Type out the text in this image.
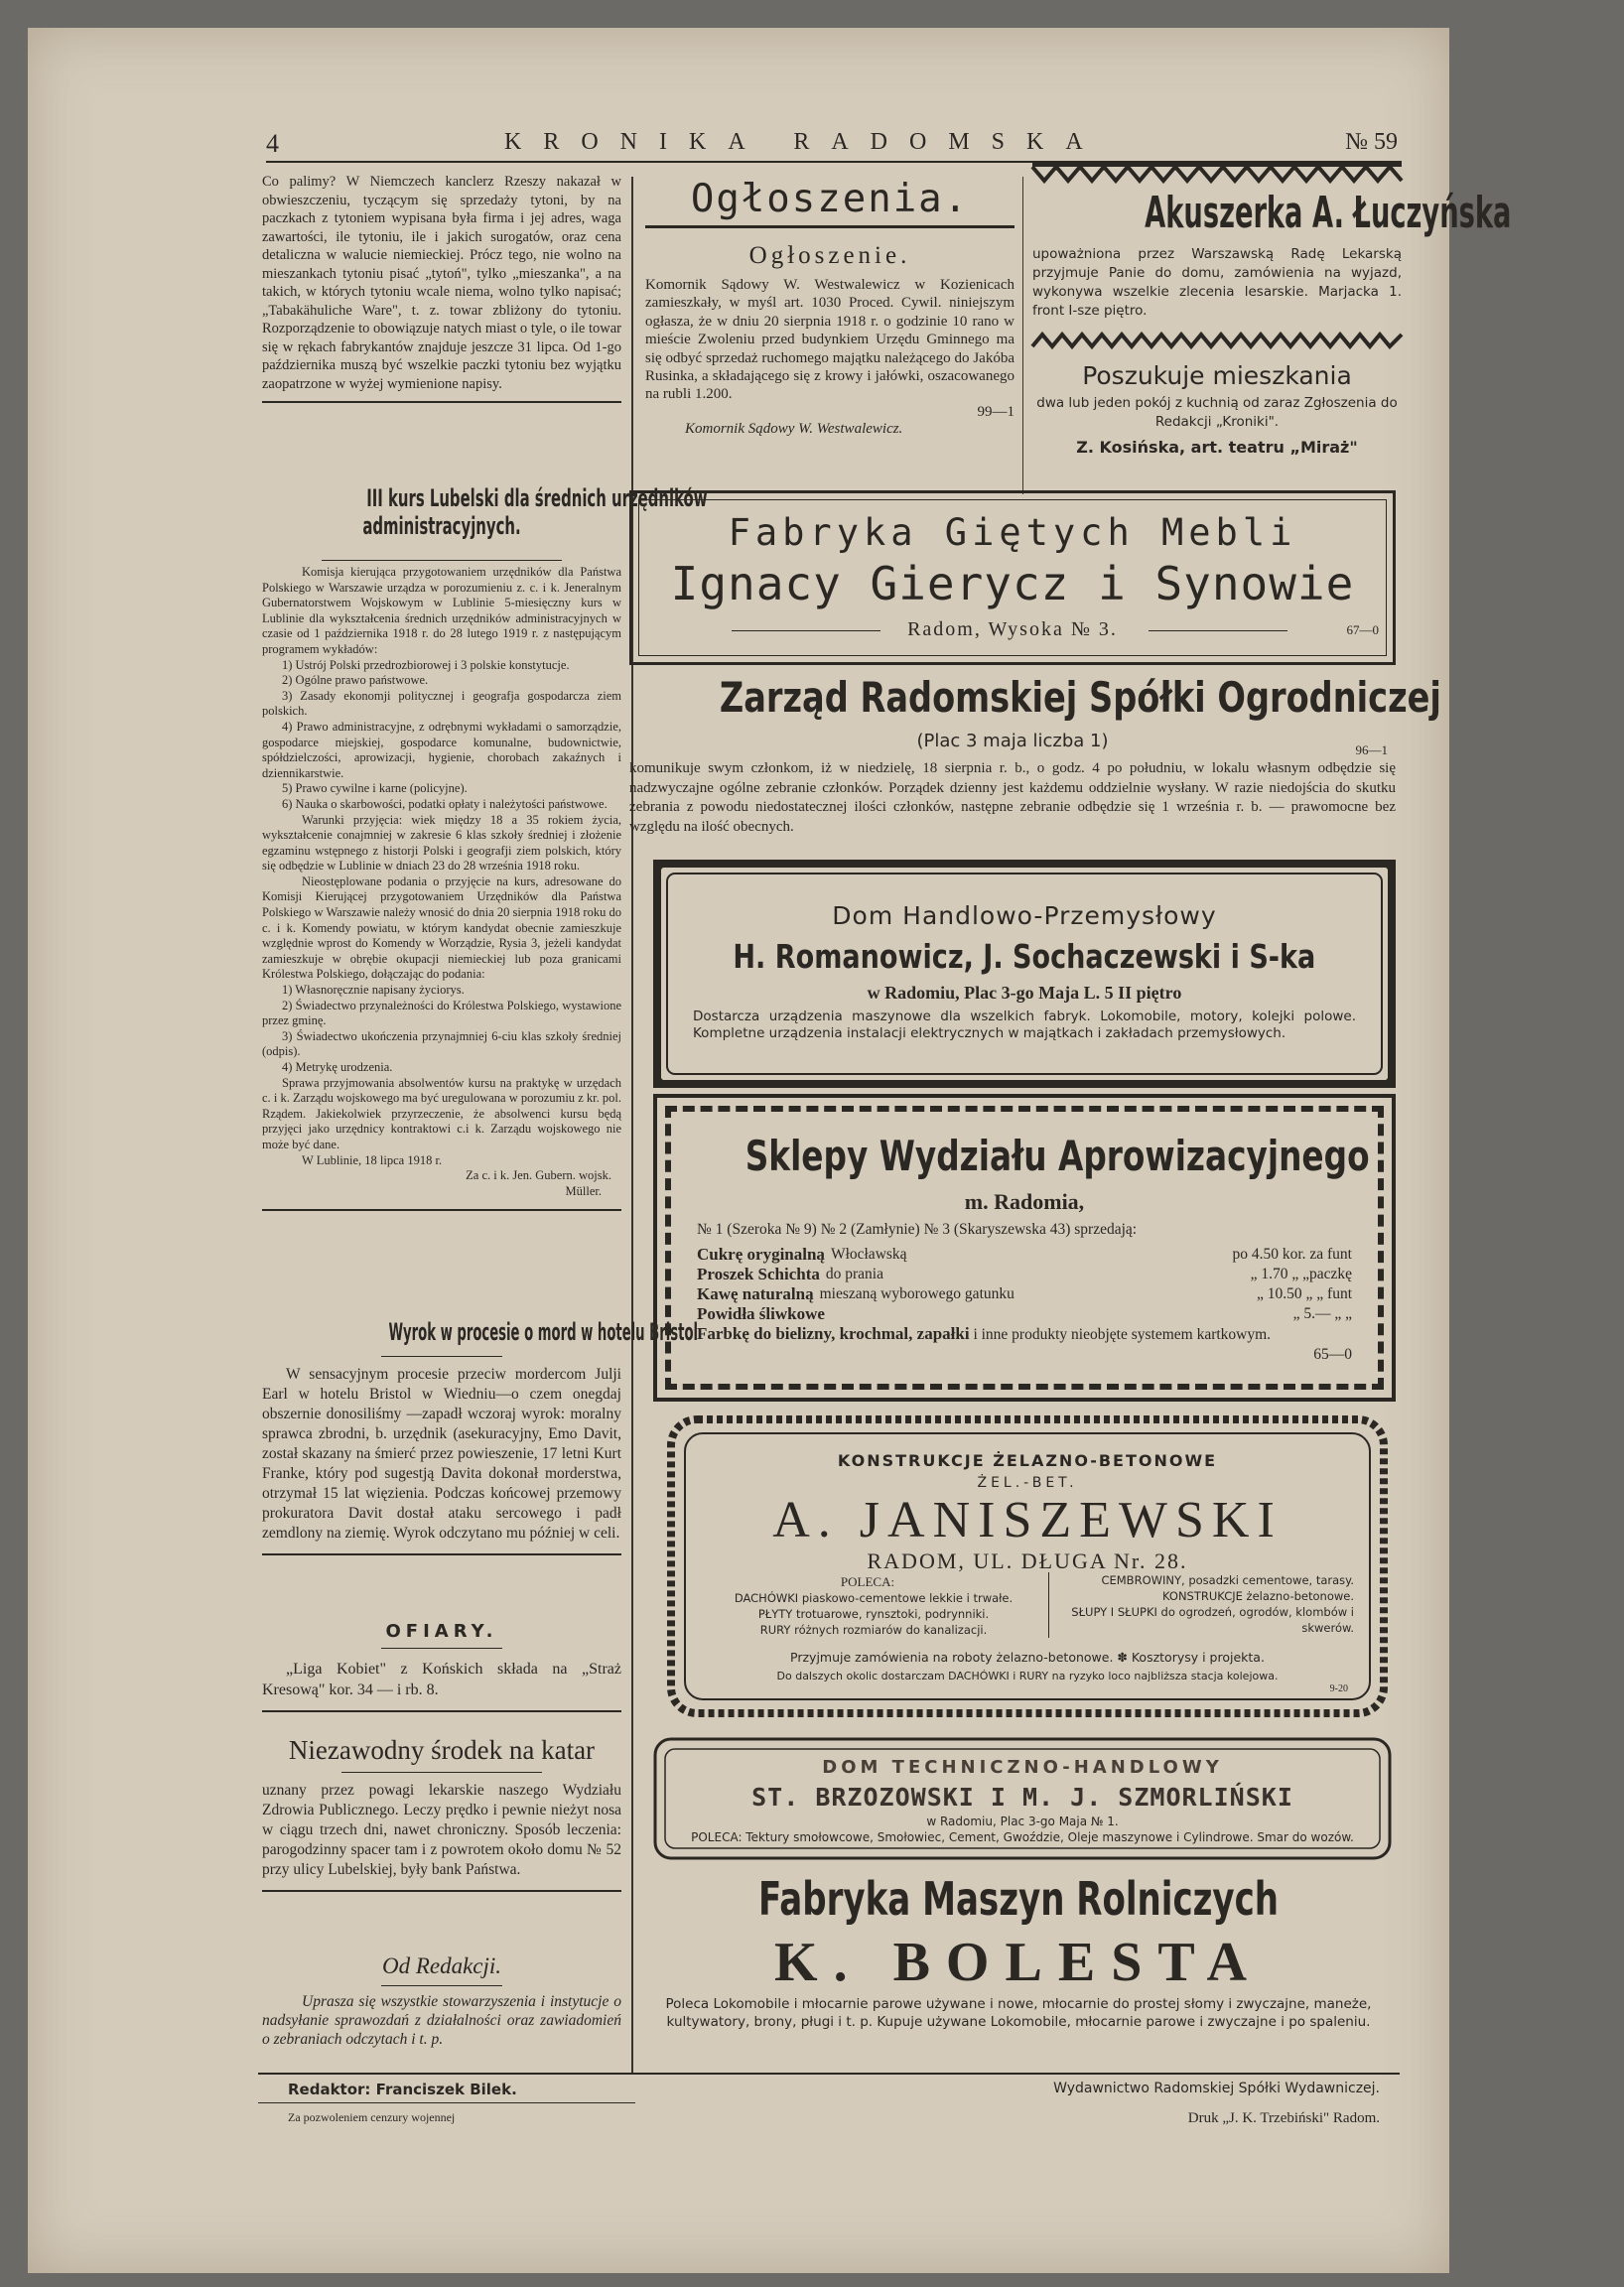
4	KRONIKA RADOMSKA	№ 59

Co palimy? W Niemczech kanclerz Rzeszy nakazał w obwieszczeniu, tyczącym się sprzedaży tytoni, by na paczkach z tytoniem wypisana była firma i jej adres, waga zawartości, ile tytoniu, ile i jakich surogatów, oraz cena detaliczna w walucie niemieckiej. Prócz tego, nie wolno na mieszankach tytoniu pisać „tytoń", tylko „mieszanka", a na takich, w których tytoniu wcale niema, wolno tylko napisać; „Tabakähuliche Ware", t. z. towar zbliżony do tytoniu. Rozporządzenie to obowiązuje natych miast o tyle, o ile towar się w rękach fabrykantów znajduje jeszcze 31 lipca. Od 1-go października muszą być wszelkie paczki tytoniu bez wyjątku zaopatrzone w wyżej wymienione napisy.

III kurs Lubelski dla średnich urzędników
administracyjnych.

Komisja kierująca przygotowaniem urzędników dla Państwa Polskiego w Warszawie urządza w porozumieniu z. c. i k. Jeneralnym Gubernatorstwem Wojskowym w Lublinie 5-miesięczny kurs w Lublinie dla wykształcenia średnich urzędników administracyjnych w czasie od 1 października 1918 r. do 28 lutego 1919 r. z następującym programem wykładów:

1) Ustrój Polski przedrozbiorowej i 3 polskie konstytucje.

2) Ogólne prawo państwowe.

3) Zasady ekonomji politycznej i geografja gospodarcza ziem polskich.

4) Prawo administracyjne, z odrębnymi wykładami o samorządzie, gospodarce miejskiej, gospodarce komunalne, budownictwie, spółdzielczości, aprowizacji, hygienie, chorobach zakaźnych i dziennikarstwie.

5) Prawo cywilne i karne (policyjne).

6) Nauka o skarbowości, podatki opłaty i należytości państwowe.

Warunki przyjęcia: wiek między 18 a 35 rokiem życia, wykształcenie conajmniej w zakresie 6 klas szkoły średniej i złożenie egzaminu wstępnego z historji Polski i geografji ziem polskich, który się odbędzie w Lublinie w dniach 23 do 28 września 1918 roku.

Nieostęplowane podania o przyjęcie na kurs, adresowane do Komisji Kierującej przygotowaniem Urzędników dla Państwa Polskiego w Warszawie należy wnosić do dnia 20 sierpnia 1918 roku do c. i k. Komendy powiatu, w którym kandydat obecnie zamieszkuje względnie wprost do Komendy w Worządzie, Rysia 3, jeżeli kandydat zamieszkuje w obrębie okupacji niemieckiej lub poza granicami Królestwa Polskiego, dołączając do podania:

1) Własnoręcznie napisany życiorys.

2) Świadectwo przynależności do Królestwa Polskiego, wystawione przez gminę.

3) Świadectwo ukończenia przynajmniej 6-ciu klas szkoły średniej (odpis).

4) Metrykę urodzenia.

Sprawa przyjmowania absolwentów kursu na praktykę w urzędach c. i k. Zarządu wojskowego ma być uregulowana w porozumiu z kr. pol. Rządem. Jakiekolwiek przyrzeczenie, że absolwenci kursu będą przyjęci jako urzędnicy kontraktowi c.i k. Zarządu wojskowego nie może być dane.

W Lublinie, 18 lipca 1918 r.

Za c. i k. Jen. Gubern. wojsk.

Müller.

Wyrok w procesie o mord w hotelu Bristol

W sensacyjnym procesie przeciw mordercom Julji Earl w hotelu Bristol w Wiedniu—o czem onegdaj obszernie donosiliśmy —zapadł wczoraj wyrok: moralny sprawca zbrodni, b. urzędnik (asekuracyjny, Emo Davit, został skazany na śmierć przez powieszenie, 17 letni Kurt Franke, który pod sugestją Davita dokonał morderstwa, otrzymał 15 lat więzienia. Podczas końcowej przemowy prokuratora Davit dostał ataku sercowego i padł zemdlony na ziemię. Wyrok odczytano mu później w celi.

OFIARY.

„Liga Kobiet" z Końskich składa na „Straż Kresową" kor. 34 — i rb. 8.

Niezawodny środek na katar

uznany przez powagi lekarskie naszego Wydziału Zdrowia Publicznego. Leczy prędko i pewnie nieżyt nosa w ciągu trzech dni, nawet chroniczny. Sposób leczenia: parogodzinny spacer tam i z powrotem około domu № 52 przy ulicy Lubelskiej, były bank Państwa.

Od Redakcji.

Uprasza się wszystkie stowarzyszenia i instytucje o nadsyłanie sprawozdań z działalności oraz zawiadomień o zebraniach odczytach i t. p.

Ogłoszenia.
Ogłoszenie.

Komornik Sądowy W. Westwalewicz w Kozienicach zamieszkały, w myśl art. 1030 Proced. Cywil. niniejszym ogłasza, że w dniu 20 sierpnia 1918 r. o godzinie 10 rano w mieście Zwoleniu przed budynkiem Urzędu Gminnego ma się odbyć sprzedaż ruchomego majątku należącego do Jakóba Rusinka, a składającego się z krowy i jałówki, oszacowanego na rubli 1.200.

99—1
Komornik Sądowy W. Westwalewicz.
Akuszerka A. Łuczyńska

upoważniona przez Warszawską Radę Lekarską przyjmuje Panie do domu, zamówienia na wyjazd, wykonywa wszelkie zlecenia lesarskie. Marjacka 1. front I-sze piętro.

Poszukuje mieszkania

dwa lub jeden pokój z kuchnią od zaraz Zgłoszenia do Redakcji „Kroniki".

Z. Kosińska, art. teatru „Miraż"
Fabryka Giętych Mebli
Ignacy Gierycz i Synowie
Radom, Wysoka № 3.	67—0
Zarząd Radomskiej Spółki Ogrodniczej
(Plac 3 maja liczba 1)	96—1

komunikuje swym członkom, iż w niedzielę, 18 sierpnia r. b., o godz. 4 po południu, w lokalu własnym odbędzie się nadzwyczajne ogólne zebranie członków. Porządek dzienny jest każdemu oddzielnie wysłany. W razie niedojścia do skutku zebrania z powodu niedostatecznej ilości członków, następne zebranie odbędzie się 1 września r. b. — prawomocne bez względu na ilość obecnych.

Dom Handlowo-Przemysłowy
H. Romanowicz, J. Sochaczewski i S-ka
w Radomiu, Plac 3-go Maja L. 5 II piętro

Dostarcza urządzenia maszynowe dla wszelkich fabryk. Lokomobile, motory, kolejki polowe. Kompletne urządzenia instalacji elektrycznych w majątkach i zakładach przemysłowych.

Sklepy Wydziału Aprowizacyjnego
m. Radomia,
№ 1 (Szeroka № 9) № 2 (Zamłynie) № 3 (Skaryszewska 43) sprzedają:
Cukrę oryginalną Włocławską	po 4.50 kor. za funt
Proszek Schichta do prania	„ 1.70 „ „paczkę
Kawę naturalną mieszaną wyborowego gatunku	„ 10.50 „ „ funt
Powidła śliwkowe	„ 5.— „ „
Farbkę do bielizny, krochmal, zapałki i inne produkty nieobjęte systemem kartkowym.
65—0
KONSTRUKCJE ŻELAZNO-BETONOWE
ŻEL.-BET.
A. JANISZEWSKI
RADOM, UL. DŁUGA Nr. 28.
POLECA:
DACHÓWKI piaskowo-cementowe lekkie i trwałe.
PŁYTY trotuarowe, rynsztoki, podrynniki.
RURY różnych rozmiarów do kanalizacji.
CEMBROWINY, posadzki cementowe, tarasy.
KONSTRUKCJE żelazno-betonowe.
SŁUPY I SŁUPKI do ogrodzeń, ogrodów, klombów i skwerów.
Przyjmuje zamówienia na roboty żelazno-betonowe. ✽ Kosztorysy i projekta.
Do dalszych okolic dostarczam DACHÓWKI i RURY na ryzyko loco najbliższa stacja kolejowa.
9-20
DOM TECHNICZNO-HANDLOWY
ST. BRZOZOWSKI I M. J. SZMORLIŃSKI
w Radomiu, Plac 3-go Maja № 1.
POLECA: Tektury smołowcowe, Smołowiec, Cement, Gwoździe, Oleje maszynowe i Cylindrowe. Smar do wozów.
Fabryka Maszyn Rolniczych
K. BOLESTA

Poleca Lokomobile i młocarnie parowe używane i nowe, młocarnie do prostej słomy i zwyczajne, maneże, kultywatory, brony, pługi i t. p. Kupuje używane Lokomobile, młocarnie parowe i zwyczajne i po spaleniu.

Redaktor: Franciszek Bilek.	Wydawnictwo Radomskiej Spółki Wydawniczej.
Za pozwoleniem cenzury wojennej	Druk „J. K. Trzebiński" Radom.
